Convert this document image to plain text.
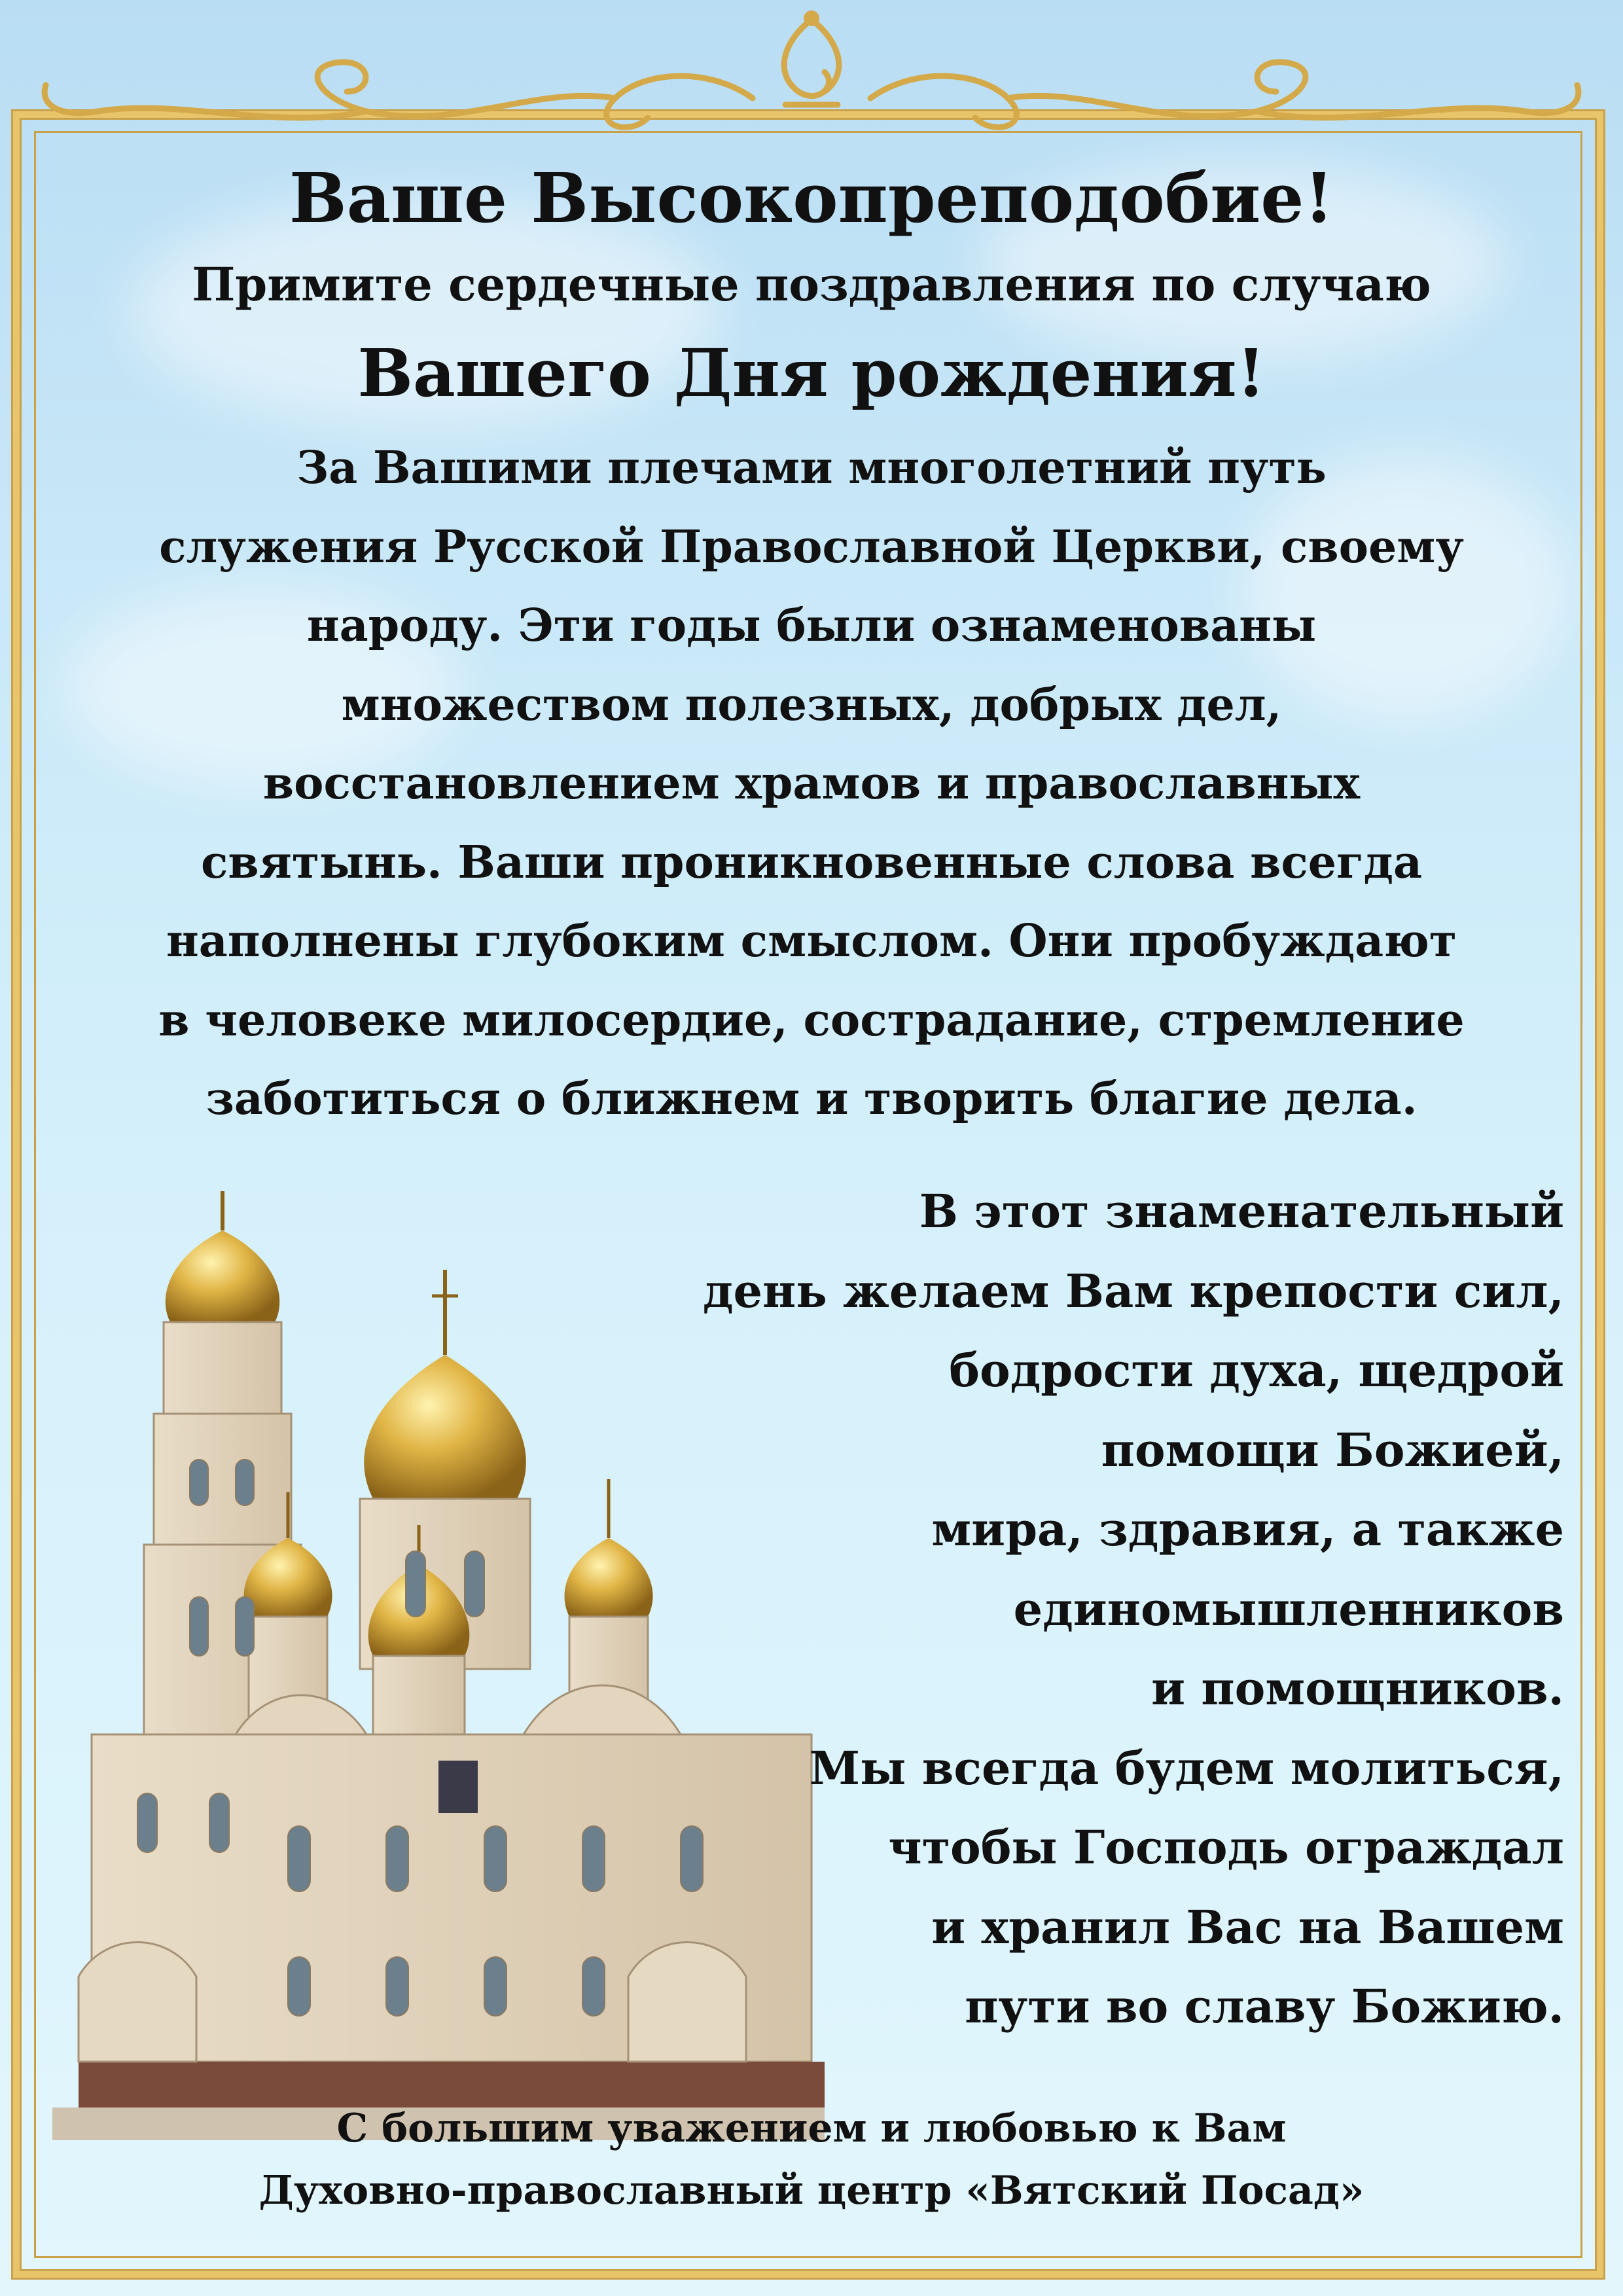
Ваше Высокопреподобие!

Примите сердечные поздравления по случаю

Вашего Дня рождения!

За Вашими плечами многолетний путь

служения Русской Православной Церкви, своему

народу. Эти годы были ознаменованы

множеством полезных, добрых дел,

восстановлением храмов и православных

святынь. Ваши проникновенные слова всегда

наполнены глубоким смыслом. Они пробуждают

в человеке милосердие, сострадание, стремление

заботиться о ближнем и творить благие дела.

В этот знаменательный

день желаем Вам крепости сил,

бодрости духа, щедрой

помощи Божией,

мира, здравия, а также

единомышленников

и помощников.

Мы всегда будем молиться,

чтобы Господь ограждал

и хранил Вас на Вашем

пути во славу Божию.

С большим уважением и любовью к Вам

Духовно-православный центр «Вятский Посад»
